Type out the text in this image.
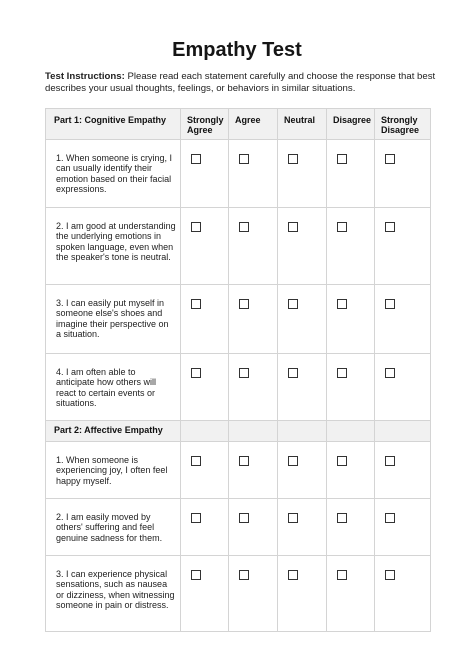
Empathy Test
Test Instructions: Please read each statement carefully and choose the response that best describes your usual thoughts, feelings, or behaviors in similar situations.
Part 1: Cognitive Empathy	Strongly Agree	Agree	Neutral	Disagree	Strongly Disagree

1. When someone is crying, I can usually identify their emotion based on their facial expressions.					

2. I am good at understanding the underlying emotions in spoken language, even when the speaker's tone is neutral.					

3. I can easily put myself in someone else's shoes and imagine their perspective on a situation.					

4. I am often able to anticipate how others will react to certain events or situations.					

Part 2: Affective Empathy					

1. When someone is experiencing joy, I often feel happy myself.					

2. I am easily moved by others' suffering and feel genuine sadness for them.					

3. I can experience physical sensations, such as nausea or dizziness, when witnessing someone in pain or distress.					
